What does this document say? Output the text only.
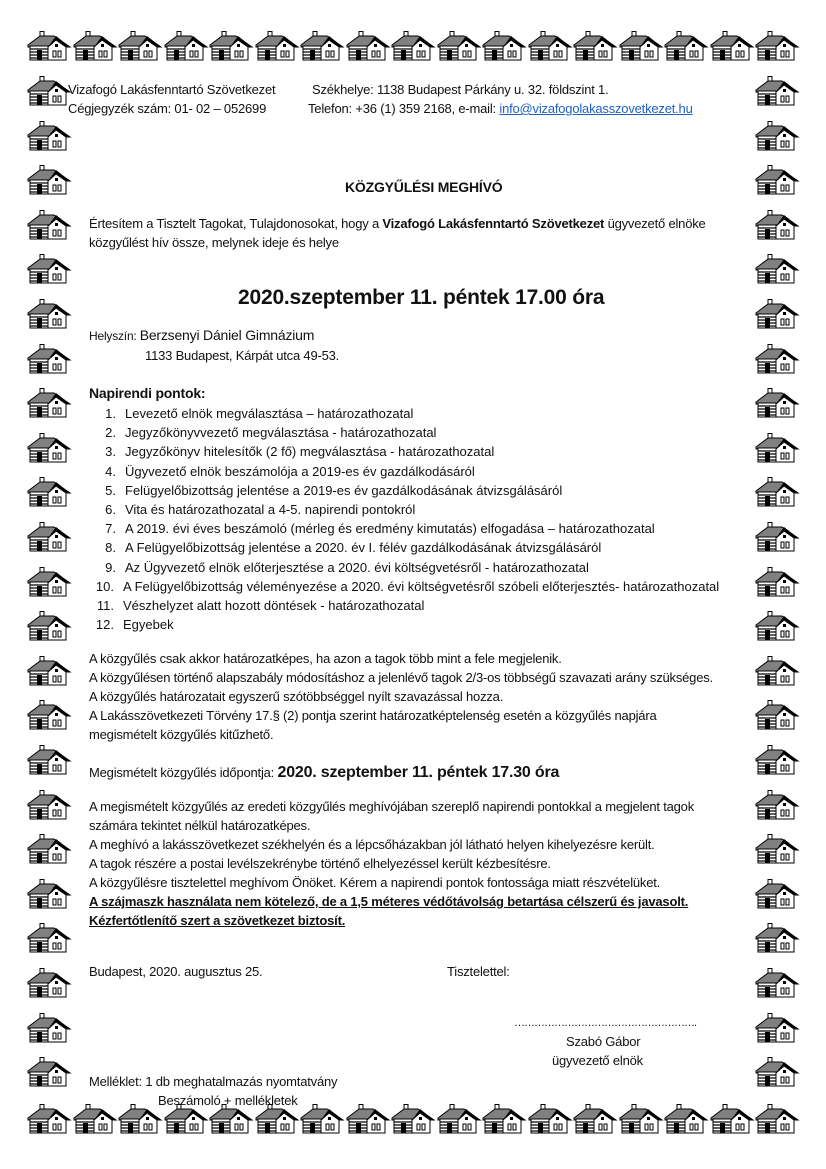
Vizafogó Lakásfenntartó Szövetkezet
Cégjegyzék szám: 01- 02 – 052699
Székhelye: 1138 Budapest Párkány u. 32. földszint 1.
Telefon: +36 (1) 359 2168, e-mail: info@vizafogolakasszovetkezet.hu
KÖZGYŰLÉSI MEGHÍVÓ
Értesítem a Tisztelt Tagokat, Tulajdonosokat, hogy a Vizafogó Lakásfenntartó Szövetkezet ügyvezető elnöke
közgyűlést hív össze, melynek ideje és helye
2020.szeptember 11. péntek 17.00 óra
Helyszín: Berzsenyi Dániel Gimnázium
1133 Budapest, Kárpát utca 49-53.
Napirendi pontok:
1. Levezető elnök megválasztása – határozathozatal
2. Jegyzőkönyvvezető megválasztása - határozathozatal
3. Jegyzőkönyv hitelesítők (2 fő) megválasztása - határozathozatal
4. Ügyvezető elnök beszámolója a 2019-es év gazdálkodásáról
5. Felügyelőbizottság jelentése a 2019-es év gazdálkodásának átvizsgálásáról
6. Vita és határozathozatal a 4-5. napirendi pontokról
7. A 2019. évi éves beszámoló (mérleg és eredmény kimutatás) elfogadása – határozathozatal
8. A Felügyelőbizottság jelentése a 2020. év I. félév gazdálkodásának átvizsgálásáról
9. Az Ügyvezető elnök előterjesztése a 2020. évi költségvetésről - határozathozatal
10. A Felügyelőbizottság véleményezése a 2020. évi költségvetésről szóbeli előterjesztés- határozathozatal
11. Vészhelyzet alatt hozott döntések - határozathozatal
12. Egyebek
A közgyűlés csak akkor határozatképes, ha azon a tagok több mint a fele megjelenik.
A közgyűlésen történő alapszabály módosításhoz a jelenlévő tagok 2/3-os többségű szavazati arány szükséges.
A közgyűlés határozatait egyszerű szótöbbséggel nyílt szavazással hozza.
A Lakásszövetkezeti Törvény 17.§ (2) pontja szerint határozatképtelenség esetén a közgyűlés napjára
megismételt közgyűlés kitűzhető.
Megismételt közgyűlés időpontja: 2020. szeptember 11. péntek 17.30 óra
A megismételt közgyűlés az eredeti közgyűlés meghívójában szereplő napirendi pontokkal a megjelent tagok
számára tekintet nélkül határozatképes.
A meghívó a lakásszövetkezet székhelyén és a lépcsőházakban jól látható helyen kihelyezésre került.
A tagok részére a postai levélszekrénybe történő elhelyezéssel került kézbesítésre.
A közgyűlésre tisztelettel meghívom Önöket. Kérem a napirendi pontok fontossága miatt részvételüket.
A szájmaszk használata nem kötelező, de a 1,5 méteres védőtávolság betartása célszerű és javasolt.
Kézfertőtlenítő szert a szövetkezet biztosít.
Budapest, 2020. augusztus 25.	Tisztelettel:
……………………………………………….
Szabó Gábor
ügyvezető elnök
Melléklet: 1 db meghatalmazás nyomtatvány
Beszámoló + mellékletek
